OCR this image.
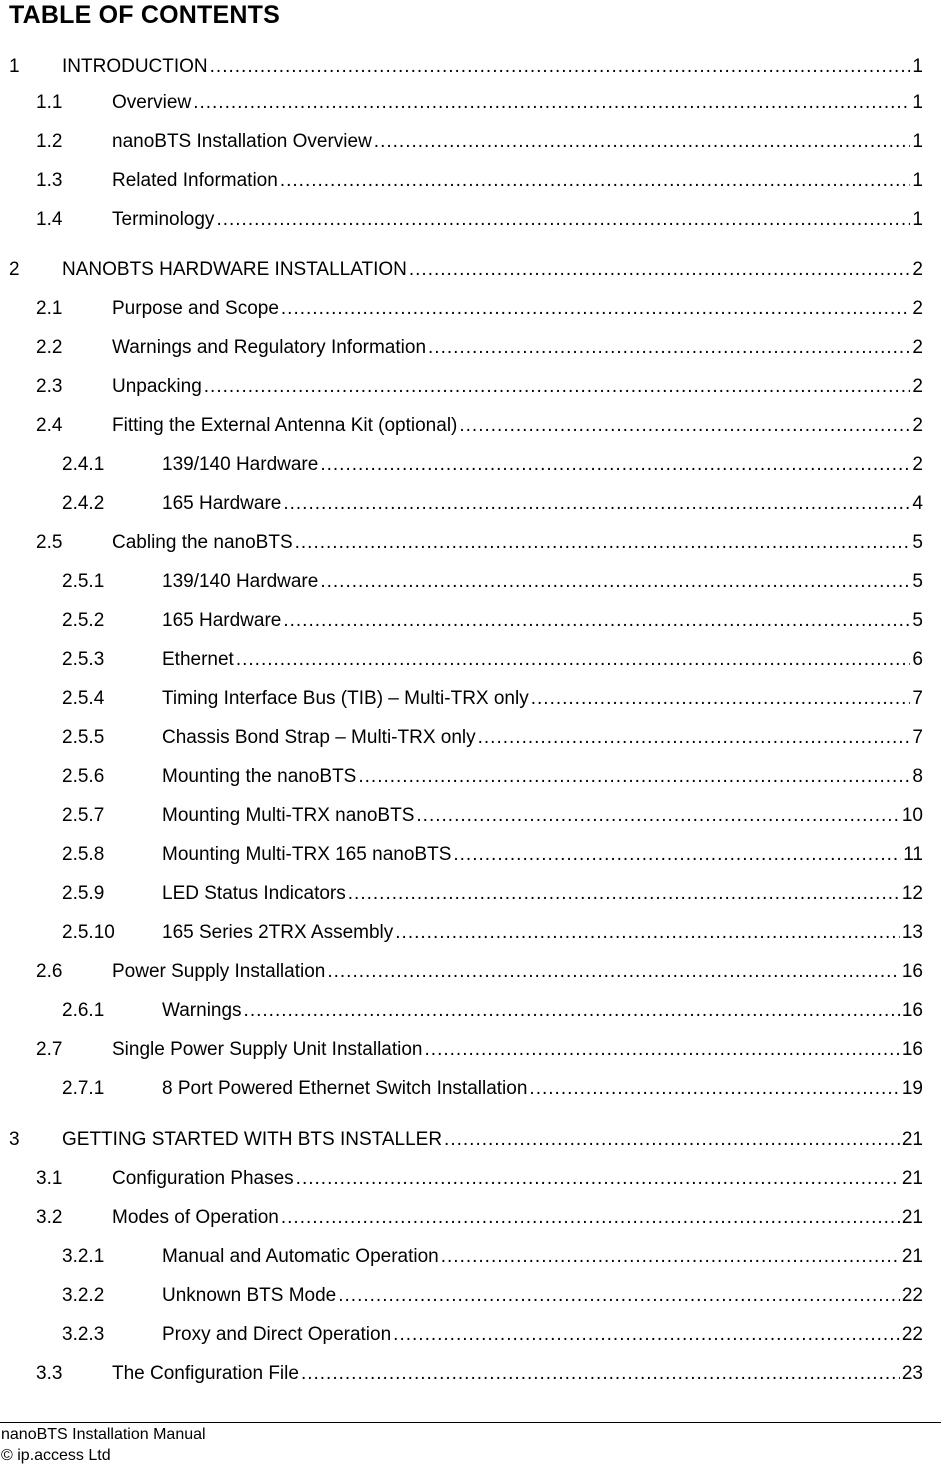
TABLE OF CONTENTS
1 INTRODUCTION .....	1
1.1	Overview .....	1
1.2	nanoBTS Installation Overview .....	1
1.3	Related Information .....	1
1.4	Terminology .....	1
2 NANOBTS HARDWARE INSTALLATION .....	2
2.1	Purpose and Scope .....	2
2.2	Warnings and Regulatory Information .....	2
2.3	Unpacking .....	2
2.4	Fitting the External Antenna Kit (optional) .....	2
2.4.1	139/140 Hardware .....	2
2.4.2	165 Hardware .....	4
2.5	Cabling the nanoBTS .....	5
2.5.1	139/140 Hardware .....	5
2.5.2	165 Hardware .....	5
2.5.3	Ethernet .....	6
2.5.4	Timing Interface Bus (TIB) – Multi-TRX only .....	7
2.5.5	Chassis Bond Strap – Multi-TRX only .....	7
2.5.6	Mounting the nanoBTS .....	8
2.5.7	Mounting Multi-TRX nanoBTS .....	10
2.5.8	Mounting Multi-TRX 165 nanoBTS .....	11
2.5.9	LED Status Indicators .....	12
2.5.10 165 Series 2TRX Assembly .....	13
2.6	Power Supply Installation .....	16
2.6.1	Warnings .....	16
2.7	Single Power Supply Unit Installation .....	16
2.7.1	8 Port Powered Ethernet Switch Installation .....	19
3 GETTING STARTED WITH BTS INSTALLER .....	21
3.1	Configuration Phases .....	21
3.2	Modes of Operation .....	21
3.2.1	Manual and Automatic Operation .....	21
3.2.2	Unknown BTS Mode .....	22
3.2.3	Proxy and Direct Operation .....	22
3.3	The Configuration File .....	23
nanoBTS Installation Manual
© ip.access Ltd
